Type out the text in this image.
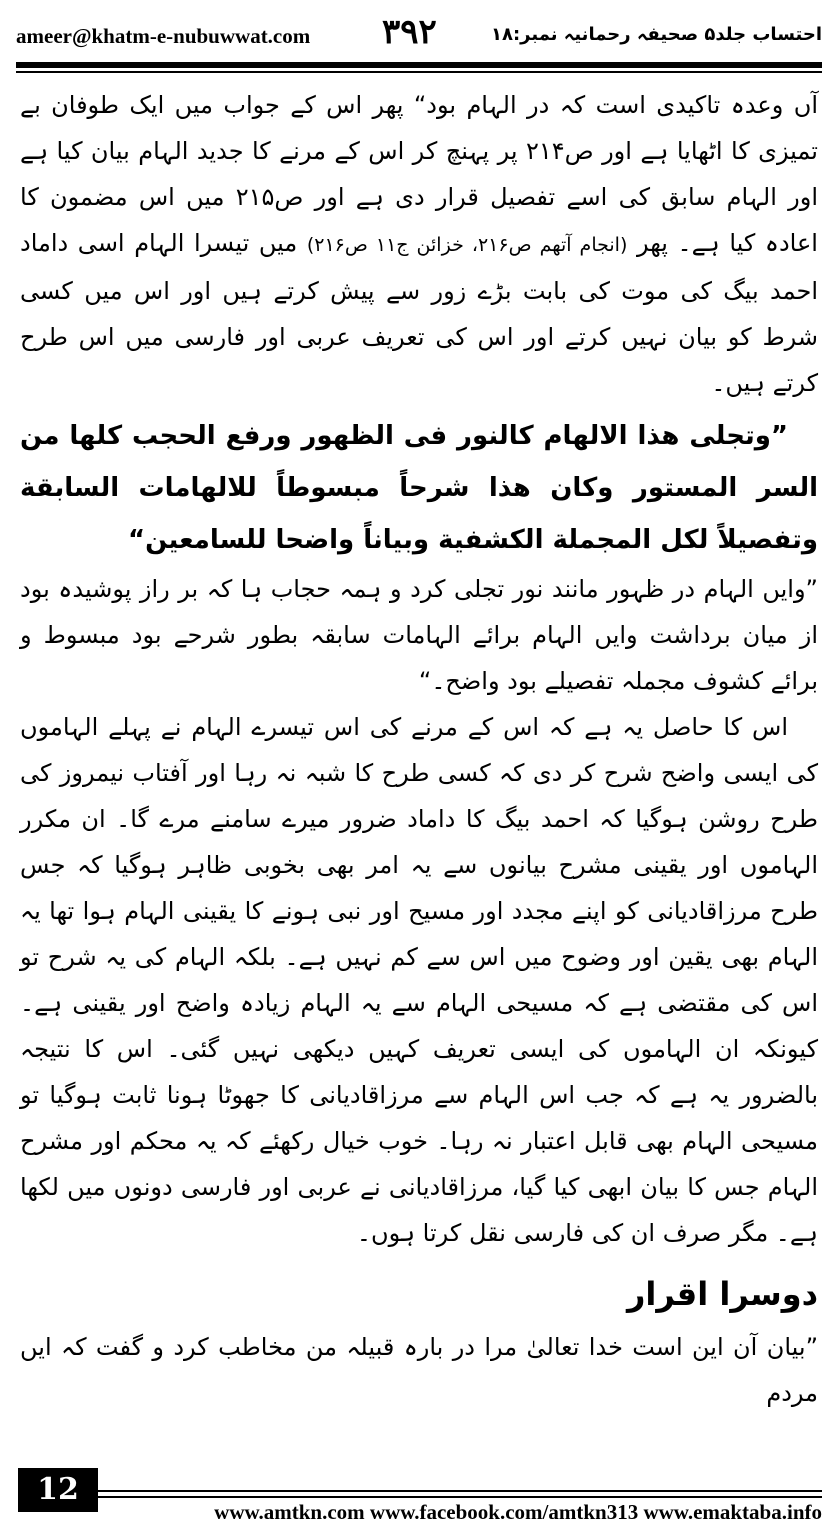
ameer@khatm-e-nubuwwat.com ۳۹۲	احتساب جلد۵ صحیفہ رحمانیہ نمبر:۱۸

آں وعدہ تاکیدی است کہ در الہام بود“ پھر اس کے جواب میں ایک طوفان بے تمیزی کا اٹھایا ہے اور ص۲۱۴ پر پہنچ کر اس کے مرنے کا جدید الہام بیان کیا ہے اور الہام سابق کی اسے تفصیل قرار دی ہے اور ص۲۱۵ میں اس مضمون کا اعادہ کیا ہے۔ پھر (انجام آتھم ص۲۱۶، خزائن ج۱۱ ص۲۱۶) میں تیسرا الہام اسی داماد احمد بیگ کی موت کی بابت بڑے زور سے پیش کرتے ہیں اور اس میں کسی شرط کو بیان نہیں کرتے اور اس کی تعریف عربی اور فارسی میں اس طرح کرتے ہیں۔

”وتجلی هذا الالهام کالنور فی الظهور ورفع الحجب کلها من السر المستور وکان هذا شرحاً مبسوطاً للالهامات السابقة وتفصیلاً لکل المجملة الکشفیة وبیاناً واضحا للسامعین“

”وایں الہام در ظہور مانند نور تجلی کرد و ہمہ حجاب ہا کہ بر راز پوشیدہ بود از میان برداشت وایں الہام برائے الہامات سابقہ بطور شرحے بود مبسوط و برائے کشوف مجملہ تفصیلے بود واضح۔“

اس کا حاصل یہ ہے کہ اس کے مرنے کی اس تیسرے الہام نے پہلے الہاموں کی ایسی واضح شرح کر دی کہ کسی طرح کا شبہ نہ رہا اور آفتاب نیمروز کی طرح روشن ہوگیا کہ احمد بیگ کا داماد ضرور میرے سامنے مرے گا۔ ان مکرر الہاموں اور یقینی مشرح بیانوں سے یہ امر بھی بخوبی ظاہر ہوگیا کہ جس طرح مرزاقادیانی کو اپنے مجدد اور مسیح اور نبی ہونے کا یقینی الہام ہوا تھا یہ الہام بھی یقین اور وضوح میں اس سے کم نہیں ہے۔ بلکہ الہام کی یہ شرح تو اس کی مقتضی ہے کہ مسیحی الہام سے یہ الہام زیادہ واضح اور یقینی ہے۔ کیونکہ ان الہاموں کی ایسی تعریف کہیں دیکھی نہیں گئی۔ اس کا نتیجہ بالضرور یہ ہے کہ جب اس الہام سے مرزاقادیانی کا جھوٹا ہونا ثابت ہوگیا تو مسیحی الہام بھی قابل اعتبار نہ رہا۔ خوب خیال رکھئے کہ یہ محکم اور مشرح الہام جس کا بیان ابھی کیا گیا، مرزاقادیانی نے عربی اور فارسی دونوں میں لکھا ہے۔ مگر صرف ان کی فارسی نقل کرتا ہوں۔

دوسرا اقرار

”بیان آن این است خدا تعالیٰ مرا در بارہ قبیلہ من مخاطب کرد و گفت کہ ایں مردم

12
www.amtkn.com www.facebook.com/amtkn313 www.emaktaba.info
